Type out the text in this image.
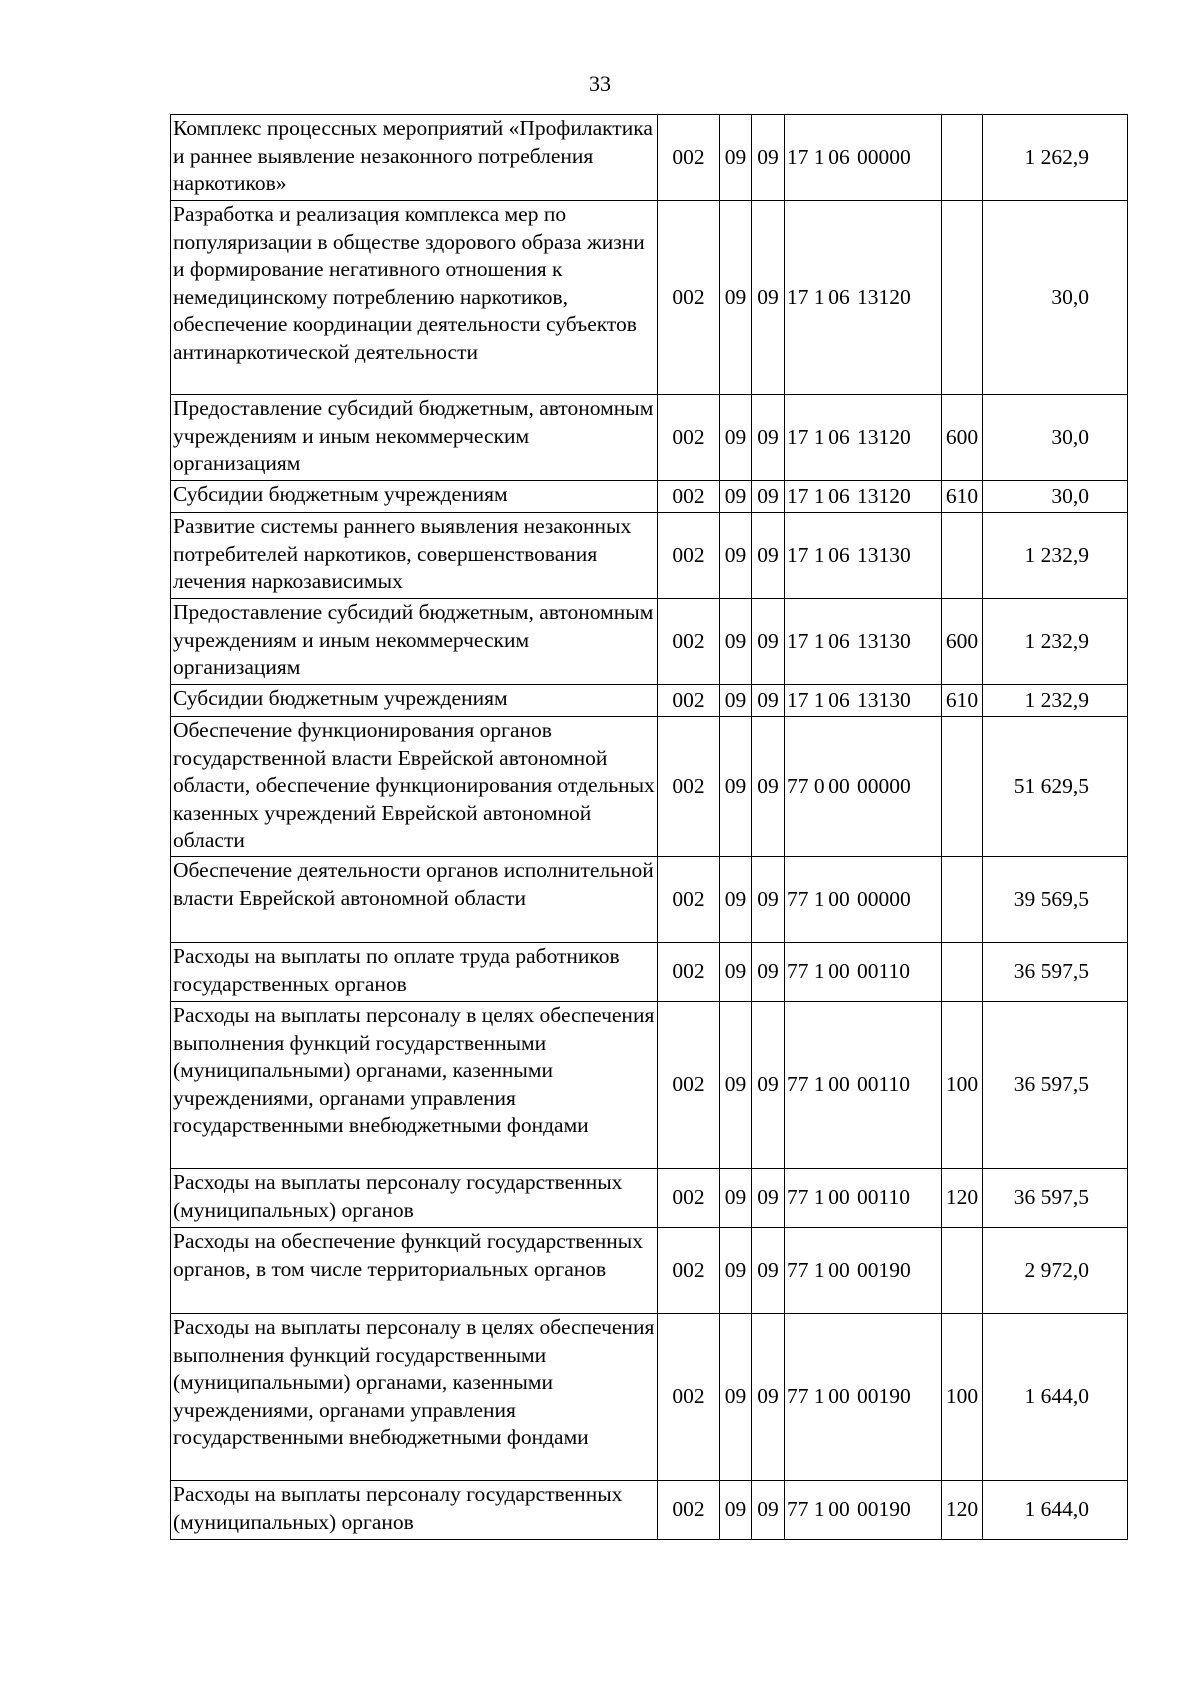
33
Комплекс процессных мероприятий «Профилактика и раннее выявление незаконного потребления наркотиков»	002	09	09	17 1 06 00000		1 262,9
Разработка и реализация комплекса мер по популяризации в обществе здорового образа жизни и формирование негативного отношения к немедицинскому потреблению наркотиков, обеспечение координации деятельности субъектов антинаркотической деятельности	002	09	09	17 1 06 13120		30,0
Предоставление субсидий бюджетным, автономным учреждениям и иным некоммерческим организациям	002	09	09	17 1 06 13120	600	30,0
Субсидии бюджетным учреждениям	002	09	09	17 1 06 13120	610	30,0
Развитие системы раннего выявления незаконных потребителей наркотиков, совершенствования лечения наркозависимых	002	09	09	17 1 06 13130		1 232,9
Предоставление субсидий бюджетным, автономным учреждениям и иным некоммерческим организациям	002	09	09	17 1 06 13130	600	1 232,9
Субсидии бюджетным учреждениям	002	09	09	17 1 06 13130	610	1 232,9
Обеспечение функционирования органов государственной власти Еврейской автономной области, обеспечение функционирования отдельных казенных учреждений Еврейской автономной области	002	09	09	77 0 00 00000		51 629,5
Обеспечение деятельности органов исполнительной власти Еврейской автономной области	002	09	09	77 1 00 00000		39 569,5
Расходы на выплаты по оплате труда работников государственных органов	002	09	09	77 1 00 00110		36 597,5
Расходы на выплаты персоналу в целях обеспечения выполнения функций государственными (муниципальными) органами, казенными учреждениями, органами управления государственными внебюджетными фондами	002	09	09	77 1 00 00110	100	36 597,5
Расходы на выплаты персоналу государственных (муниципальных) органов	002	09	09	77 1 00 00110	120	36 597,5
Расходы на обеспечение функций государственных органов, в том числе территориальных органов	002	09	09	77 1 00 00190		2 972,0
Расходы на выплаты персоналу в целях обеспечения выполнения функций государственными (муниципальными) органами, казенными учреждениями, органами управления государственными внебюджетными фондами	002	09	09	77 1 00 00190	100	1 644,0
Расходы на выплаты персоналу государственных (муниципальных) органов	002	09	09	77 1 00 00190	120	1 644,0
